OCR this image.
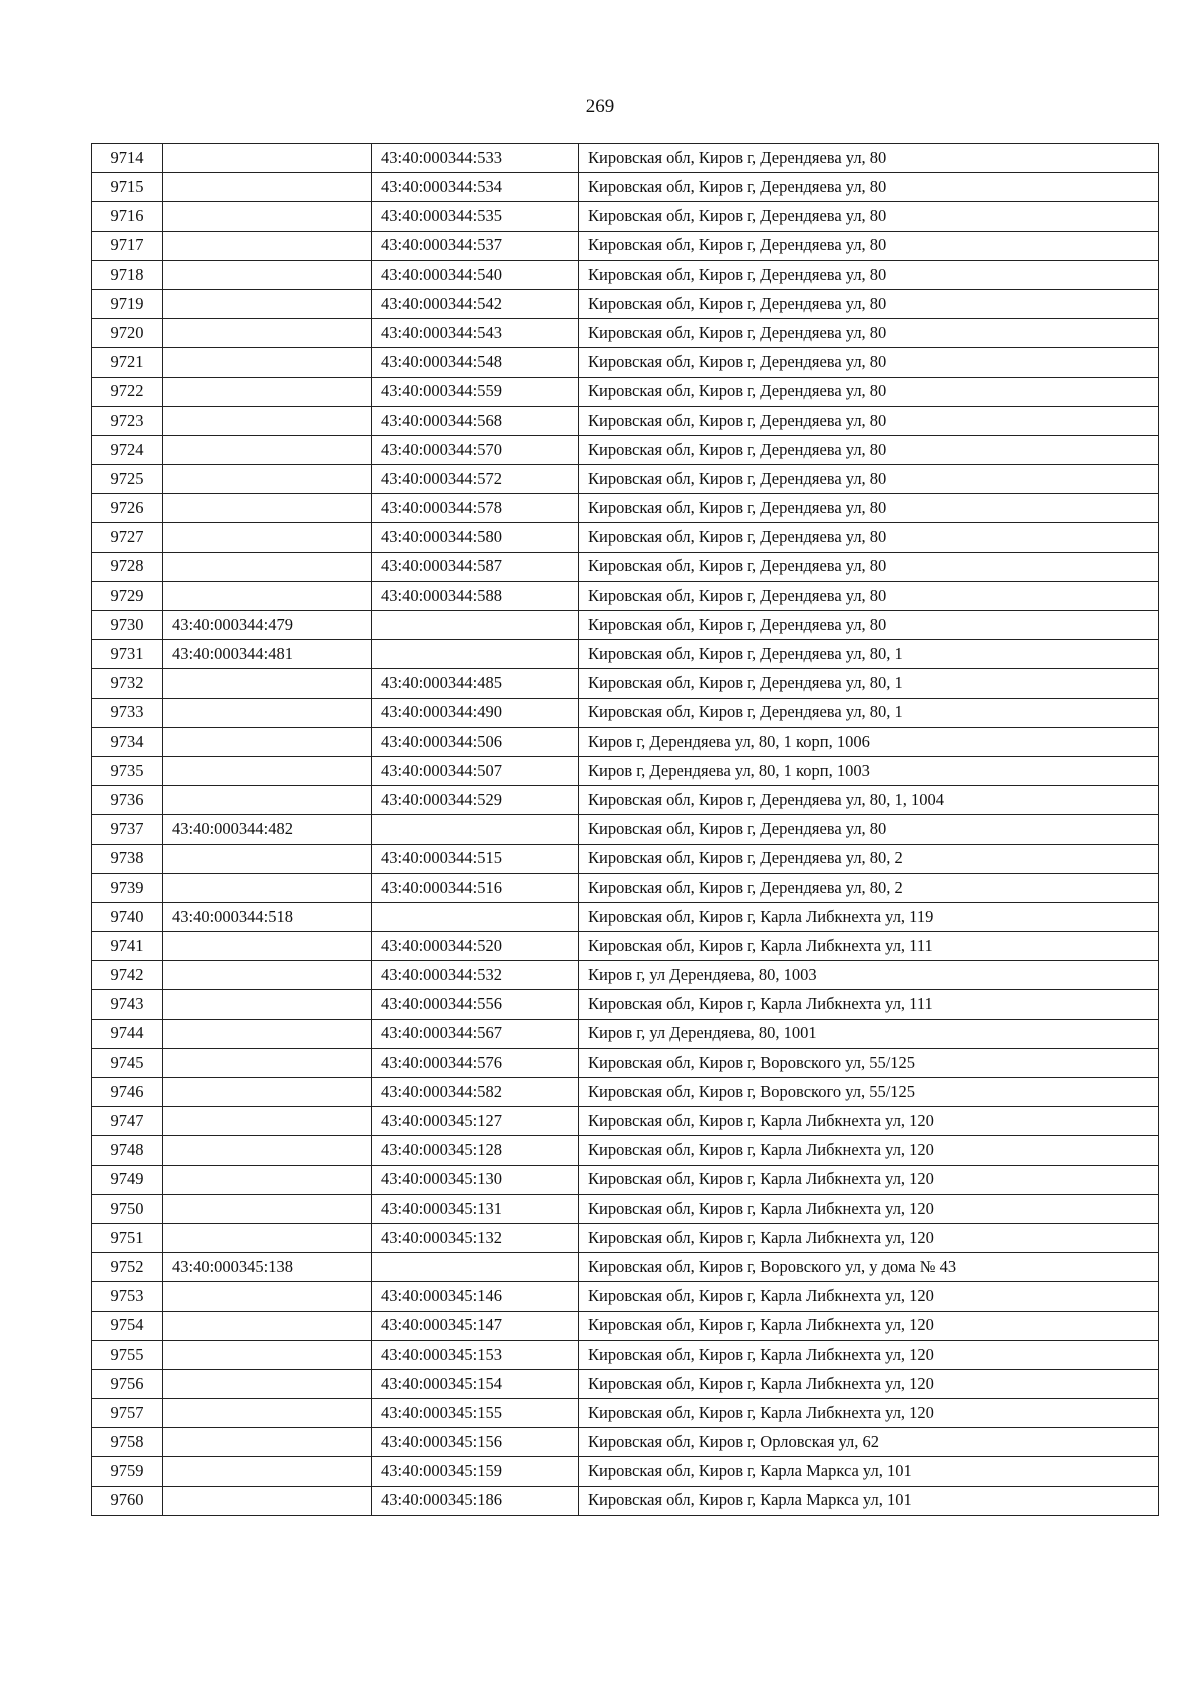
269
9714		43:40:000344:533	Кировская обл, Киров г, Дерендяева ул, 80
9715		43:40:000344:534	Кировская обл, Киров г, Дерендяева ул, 80
9716		43:40:000344:535	Кировская обл, Киров г, Дерендяева ул, 80
9717		43:40:000344:537	Кировская обл, Киров г, Дерендяева ул, 80
9718		43:40:000344:540	Кировская обл, Киров г, Дерендяева ул, 80
9719		43:40:000344:542	Кировская обл, Киров г, Дерендяева ул, 80
9720		43:40:000344:543	Кировская обл, Киров г, Дерендяева ул, 80
9721		43:40:000344:548	Кировская обл, Киров г, Дерендяева ул, 80
9722		43:40:000344:559	Кировская обл, Киров г, Дерендяева ул, 80
9723		43:40:000344:568	Кировская обл, Киров г, Дерендяева ул, 80
9724		43:40:000344:570	Кировская обл, Киров г, Дерендяева ул, 80
9725		43:40:000344:572	Кировская обл, Киров г, Дерендяева ул, 80
9726		43:40:000344:578	Кировская обл, Киров г, Дерендяева ул, 80
9727		43:40:000344:580	Кировская обл, Киров г, Дерендяева ул, 80
9728		43:40:000344:587	Кировская обл, Киров г, Дерендяева ул, 80
9729		43:40:000344:588	Кировская обл, Киров г, Дерендяева ул, 80
9730	43:40:000344:479		Кировская обл, Киров г, Дерендяева ул, 80
9731	43:40:000344:481		Кировская обл, Киров г, Дерендяева ул, 80, 1
9732		43:40:000344:485	Кировская обл, Киров г, Дерендяева ул, 80, 1
9733		43:40:000344:490	Кировская обл, Киров г, Дерендяева ул, 80, 1
9734		43:40:000344:506	Киров г, Дерендяева ул, 80, 1 корп, 1006
9735		43:40:000344:507	Киров г, Дерендяева ул, 80, 1 корп, 1003
9736		43:40:000344:529	Кировская обл, Киров г, Дерендяева ул, 80, 1, 1004
9737	43:40:000344:482		Кировская обл, Киров г, Дерендяева ул, 80
9738		43:40:000344:515	Кировская обл, Киров г, Дерендяева ул, 80, 2
9739		43:40:000344:516	Кировская обл, Киров г, Дерендяева ул, 80, 2
9740	43:40:000344:518		Кировская обл, Киров г, Карла Либкнехта ул, 119
9741		43:40:000344:520	Кировская обл, Киров г, Карла Либкнехта ул, 111
9742		43:40:000344:532	Киров г, ул Дерендяева, 80, 1003
9743		43:40:000344:556	Кировская обл, Киров г, Карла Либкнехта ул, 111
9744		43:40:000344:567	Киров г, ул Дерендяева, 80, 1001
9745		43:40:000344:576	Кировская обл, Киров г, Воровского ул, 55/125
9746		43:40:000344:582	Кировская обл, Киров г, Воровского ул, 55/125
9747		43:40:000345:127	Кировская обл, Киров г, Карла Либкнехта ул, 120
9748		43:40:000345:128	Кировская обл, Киров г, Карла Либкнехта ул, 120
9749		43:40:000345:130	Кировская обл, Киров г, Карла Либкнехта ул, 120
9750		43:40:000345:131	Кировская обл, Киров г, Карла Либкнехта ул, 120
9751		43:40:000345:132	Кировская обл, Киров г, Карла Либкнехта ул, 120
9752	43:40:000345:138		Кировская обл, Киров г, Воровского ул, у дома № 43
9753		43:40:000345:146	Кировская обл, Киров г, Карла Либкнехта ул, 120
9754		43:40:000345:147	Кировская обл, Киров г, Карла Либкнехта ул, 120
9755		43:40:000345:153	Кировская обл, Киров г, Карла Либкнехта ул, 120
9756		43:40:000345:154	Кировская обл, Киров г, Карла Либкнехта ул, 120
9757		43:40:000345:155	Кировская обл, Киров г, Карла Либкнехта ул, 120
9758		43:40:000345:156	Кировская обл, Киров г, Орловская ул, 62
9759		43:40:000345:159	Кировская обл, Киров г, Карла Маркса ул, 101
9760		43:40:000345:186	Кировская обл, Киров г, Карла Маркса ул, 101
